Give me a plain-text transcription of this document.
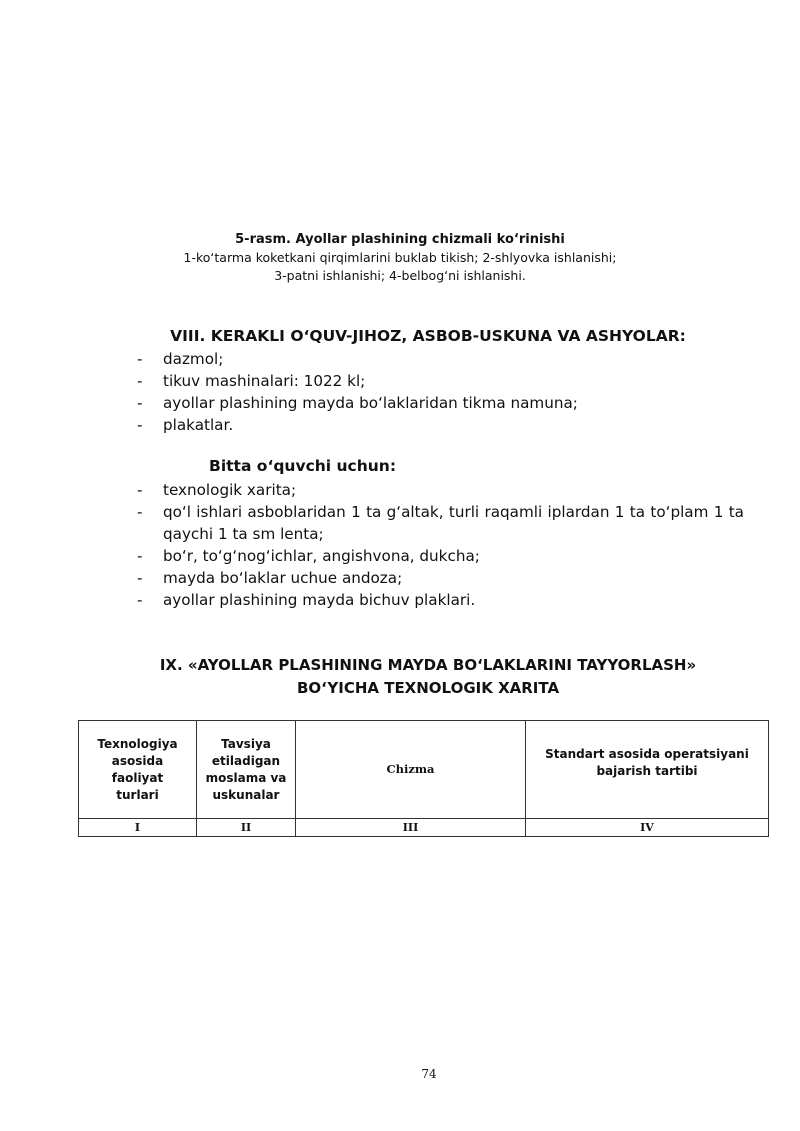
5-rasm. Ayollar plashining chizmali ko‘rinishi
1-ko‘tarma koketkani qirqimlarini buklab tikish; 2-shlyovka ishlanishi;
3-patni ishlanishi; 4-belbog‘ni ishlanishi.
VIII. KERAKLI O‘QUV-JIHOZ, ASBOB-USKUNA VA ASHYOLAR:
- dazmol;
- tikuv mashinalari: 1022 kl;
- ayollar plashining mayda bo‘laklaridan tikma namuna;
- plakatlar.
Bitta o‘quvchi uchun:
- texnologik xarita;
- qo‘l ishlari asboblaridan 1 ta g‘altak, turli raqamli iplardan 1 ta to‘plam 1 ta qaychi 1 ta sm lenta;
- bo‘r, to‘g‘nog‘ichlar, angishvona, dukcha;
- mayda bo‘laklar uchue andoza;
- ayollar plashining mayda bichuv plaklari.
IX. «AYOLLAR PLASHINING MAYDA BO‘LAKLARINI TAYYORLASH»
BO‘YICHA TEXNOLOGIK XARITA
Texnologiya asosida faoliyat turlari	Tavsiya etiladigan moslama va uskunalar	Chizma	Standart asosida operatsiyani bajarish tartibi

I	II	III	IV
74
